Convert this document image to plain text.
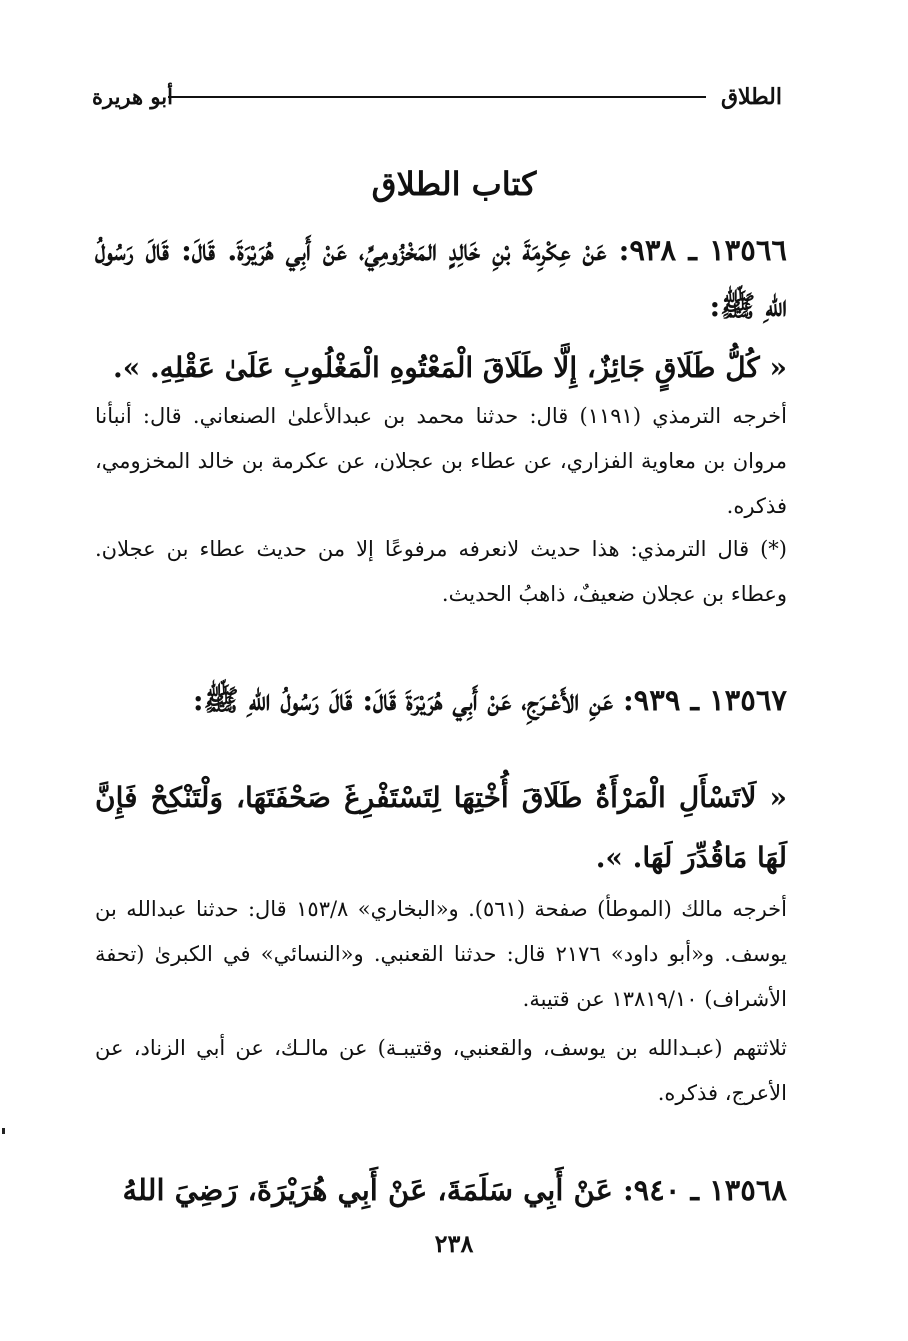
الطلاق
أبو هريرة
كتاب الطلاق
١٣٥٦٦ ـ ٩٣٨: عَنْ عِكْرِمَةَ بْنِ خَالِدٍ المَخْزُومِيِّ، عَنْ أَبِي هُرَيْرَةَ. قَالَ: قَالَ رَسُولُ اللهِ ﷺ:
« كُلُّ طَلَاقٍ جَائِزٌ، إِلَّا طَلَاقَ الْمَعْتُوهِ الْمَغْلُوبِ عَلَىٰ عَقْلِهِ. ».
أخرجه الترمذي (١١٩١) قال: حدثنا محمد بن عبدالأعلىٰ الصنعاني. قال: أنبأنا مروان بن معاوية الفزاري، عن عطاء بن عجلان، عن عكرمة بن خالد المخزومي، فذكره.
(*) قال الترمذي: هذا حديث لانعرفه مرفوعًا إلا من حديث عطاء بن عجلان. وعطاء بن عجلان ضعيفٌ، ذاهبُ الحديث.
١٣٥٦٧ ـ ٩٣٩: عَنِ الأَعْـرَجِ، عَنْ أَبِي هُرَيْرَةَ قَالَ: قَالَ رَسُولُ اللهِ ﷺ:
« لَاتَسْأَلِ الْمَرْأَةُ طَلَاقَ أُخْتِهَا لِتَسْتَفْرِغَ صَحْفَتَهَا، وَلْتَنْكِحْ فَإِنَّ لَهَا مَاقُدِّرَ لَهَا. ».
أخرجه مالك (الموطأ) صفحة (٥٦١). و«البخاري» ١٥٣/٨ قال: حدثنا عبدالله بن يوسف. و«أبو داود» ٢١٧٦ قال: حدثنا القعنبي. و«النسائي» في الكبرىٰ (تحفة الأشراف) ١٣٨١٩/١٠ عن قتيبة.
ثلاثتهم (عبـدالله بن يوسف، والقعنبي، وقتيبـة) عن مالـك، عن أبي الزناد، عن الأعرج، فذكره.
١٣٥٦٨ ـ ٩٤٠: عَنْ أَبِي سَلَمَةَ، عَنْ أَبِي هُرَيْرَةَ، رَضِيَ اللهُ
٢٣٨
